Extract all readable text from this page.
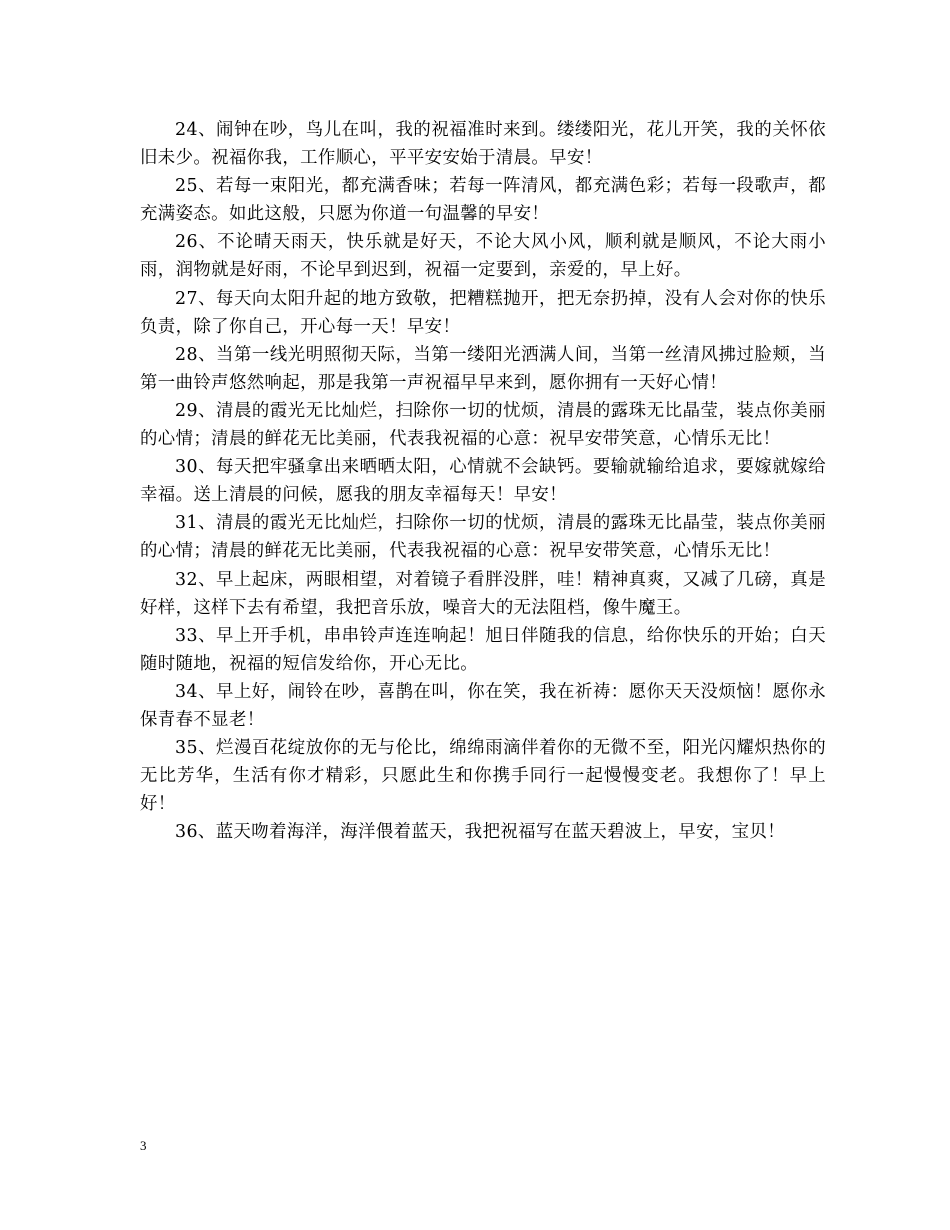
24、闹钟在吵，鸟儿在叫，我的祝福准时来到。缕缕阳光，花儿开笑，我的关怀依旧未少。祝福你我，工作顺心，平平安安始于清晨。早安！

25、若每一束阳光，都充满香味；若每一阵清风，都充满色彩；若每一段歌声，都充满姿态。如此这般，只愿为你道一句温馨的早安！

26、不论晴天雨天，快乐就是好天，不论大风小风，顺利就是顺风，不论大雨小雨，润物就是好雨，不论早到迟到，祝福一定要到，亲爱的，早上好。

27、每天向太阳升起的地方致敬，把糟糕抛开，把无奈扔掉，没有人会对你的快乐负责，除了你自己，开心每一天！早安！

28、当第一线光明照彻天际，当第一缕阳光洒满人间，当第一丝清风拂过脸颊，当第一曲铃声悠然响起，那是我第一声祝福早早来到，愿你拥有一天好心情！

29、清晨的霞光无比灿烂，扫除你一切的忧烦，清晨的露珠无比晶莹，装点你美丽的心情；清晨的鲜花无比美丽，代表我祝福的心意：祝早安带笑意，心情乐无比！

30、每天把牢骚拿出来晒晒太阳，心情就不会缺钙。要输就输给追求，要嫁就嫁给幸福。送上清晨的问候，愿我的朋友幸福每天！早安！

31、清晨的霞光无比灿烂，扫除你一切的忧烦，清晨的露珠无比晶莹，装点你美丽的心情；清晨的鲜花无比美丽，代表我祝福的心意：祝早安带笑意，心情乐无比！

32、早上起床，两眼相望，对着镜子看胖没胖，哇！精神真爽，又减了几磅，真是好样，这样下去有希望，我把音乐放，噪音大的无法阻档，像牛魔王。

33、早上开手机，串串铃声连连响起！旭日伴随我的信息，给你快乐的开始；白天随时随地，祝福的短信发给你，开心无比。

34、早上好，闹铃在吵，喜鹊在叫，你在笑，我在祈祷：愿你天天没烦恼！愿你永保青春不显老！

35、烂漫百花绽放你的无与伦比，绵绵雨滴伴着你的无微不至，阳光闪耀炽热你的无比芳华，生活有你才精彩，只愿此生和你携手同行一起慢慢变老。我想你了！早上好！

36、蓝天吻着海洋，海洋偎着蓝天，我把祝福写在蓝天碧波上，早安，宝贝！

3
